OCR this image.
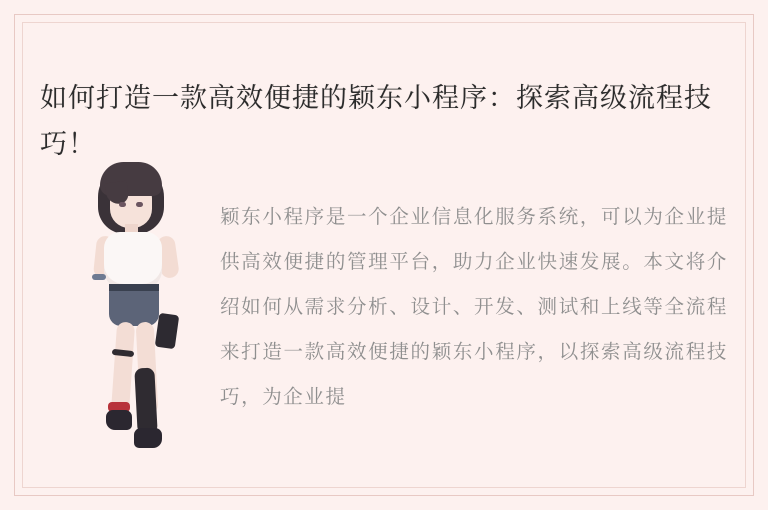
如何打造一款高效便捷的颖东小程序：探索高级流程技巧！

颖东小程序是一个企业信息化服务系统，可以为企业提供高效便捷的管理平台，助力企业快速发展。本文将介绍如何从需求分析、设计、开发、测试和上线等全流程来打造一款高效便捷的颖东小程序，以探索高级流程技巧，为企业提
